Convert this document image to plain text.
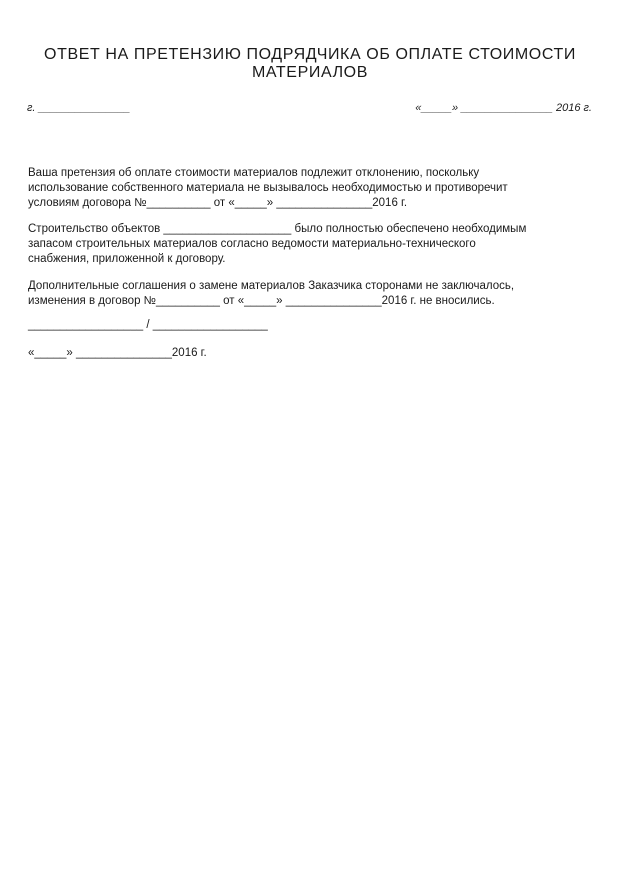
ОТВЕТ НА ПРЕТЕНЗИЮ ПОДРЯДЧИКА ОБ ОПЛАТЕ СТОИМОСТИ
МАТЕРИАЛОВ
г. _______________	«_____» _______________ 2016 г.
Ваша претензия об оплате стоимости материалов подлежит отклонению, поскольку
использование собственного материала не вызывалось необходимостью и противоречит
условиям договора №__________ от «_____» _______________2016 г.
Строительство объектов ____________________ было полностью обеспечено необходимым
запасом строительных материалов согласно ведомости материально-технического
снабжения, приложенной к договору.
Дополнительные соглашения о замене материалов Заказчика сторонами не заключалось,
изменения в договор №__________ от «_____» _______________2016 г. не вносились.
__________________ / __________________
«_____» _______________2016 г.
